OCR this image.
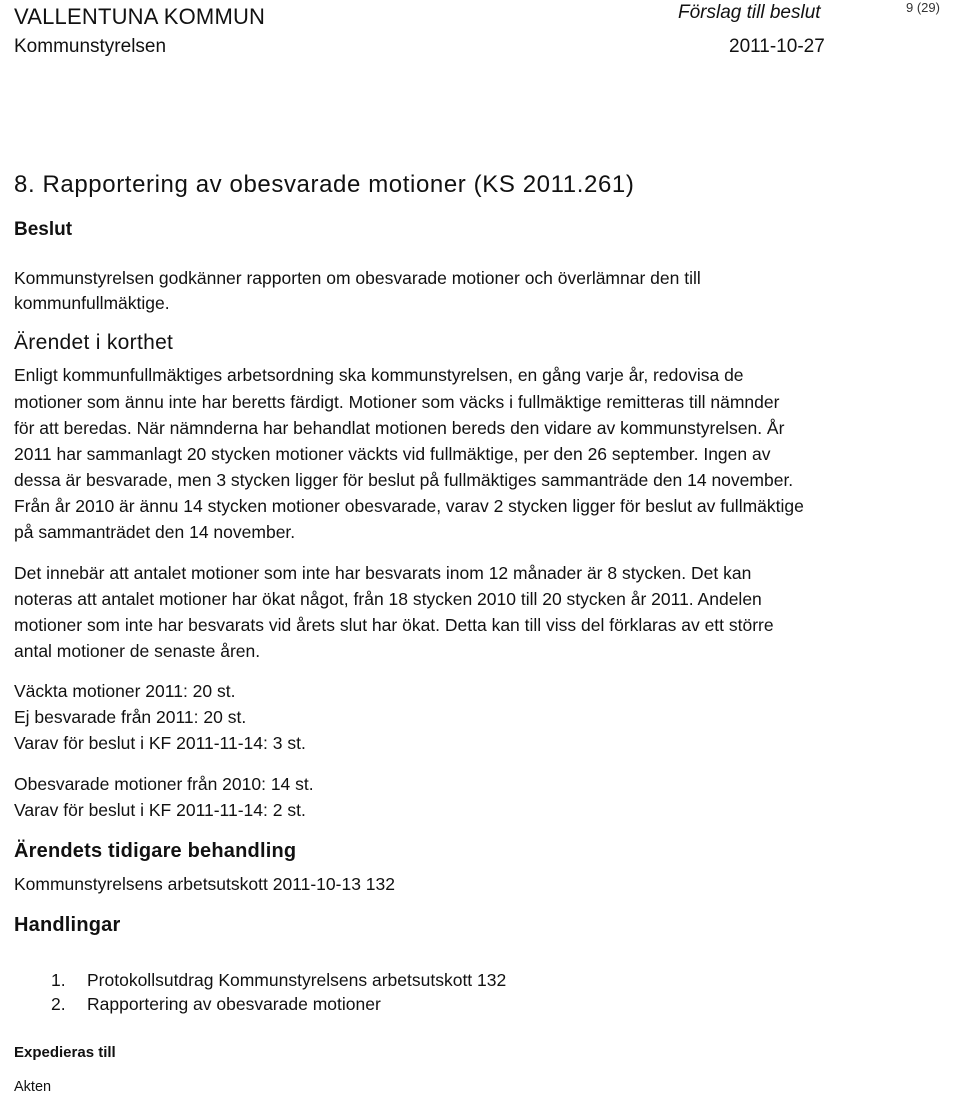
VALLENTUNA KOMMUN
Kommunstyrelsen
Förslag till beslut
2011-10-27
9 (29)
8. Rapportering av obesvarade motioner (KS 2011.261)
Beslut
Kommunstyrelsen godkänner rapporten om obesvarade motioner och överlämnar den till
kommunfullmäktige.
Ärendet i korthet
Enligt kommunfullmäktiges arbetsordning ska kommunstyrelsen, en gång varje år, redovisa de
motioner som ännu inte har beretts färdigt. Motioner som väcks i fullmäktige remitteras till nämnder
för att beredas. När nämnderna har behandlat motionen bereds den vidare av kommunstyrelsen. År
2011 har sammanlagt 20 stycken motioner väckts vid fullmäktige, per den 26 september. Ingen av
dessa är besvarade, men 3 stycken ligger för beslut på fullmäktiges sammanträde den 14 november.
Från år 2010 är ännu 14 stycken motioner obesvarade, varav 2 stycken ligger för beslut av fullmäktige
på sammanträdet den 14 november.
Det innebär att antalet motioner som inte har besvarats inom 12 månader är 8 stycken. Det kan
noteras att antalet motioner har ökat något, från 18 stycken 2010 till 20 stycken år 2011. Andelen
motioner som inte har besvarats vid årets slut har ökat. Detta kan till viss del förklaras av ett större
antal motioner de senaste åren.
Väckta motioner 2011: 20 st.
Ej besvarade från 2011: 20 st.
Varav för beslut i KF 2011-11-14: 3 st.
Obesvarade motioner från 2010: 14 st.
Varav för beslut i KF 2011-11-14: 2 st.
Ärendets tidigare behandling
Kommunstyrelsens arbetsutskott 2011-10-13 132
Handlingar
1. Protokollsutdrag Kommunstyrelsens arbetsutskott 132
2. Rapportering av obesvarade motioner
Expedieras till
Akten
